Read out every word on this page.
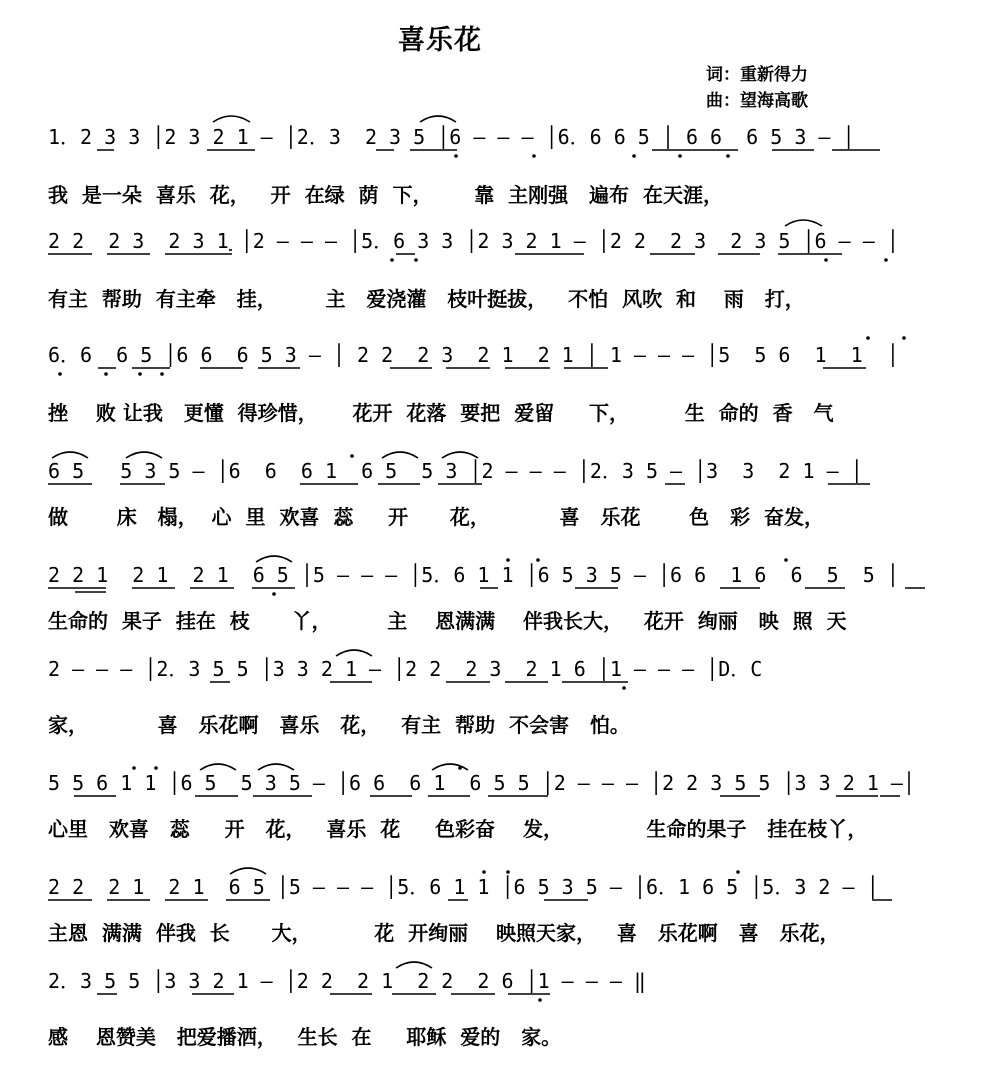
喜乐花
词：重新得力
曲：望海高歌
1．2 3 3 │2 3 2 1 — │2．3  2 3 5 │6 — — — │6．6 6 5 │ 6 6  6 5 3 — │
我  是一朵  喜乐  花，   开  在绿  荫  下，      靠  主刚强   遍布  在天涯，
2 2  2 3  2 3 1 │2 — — — │5．6 3 3 │2 3 2 1 — │2 2  2 3  2 3 5 │6 — — │
有主  帮助  有主牵   挂，       主   爱浇灌   枝叶挺拔，   不怕  风吹  和    雨   打，
6．6  6 5 │6 6  6 5 3 — │ 2 2  2 3  2 1  2 1 │ 1 — — — │5  5 6  1  1  │
挫    败 让我   更懂  得珍惜，     花开  花落  要把  爱留     下，        生  命的  香   气
6 5   5 3 5 — │6  6  6 1  6 5  5 3 │2 — — — │2．3 5 — │3  3  2 1 — │
做       床   榻，  心  里  欢喜  蕊     开      花，          喜   乐花       色   彩  奋发，
2 2 1  2 1  2 1  6 5 │5 — — — │5．6 1 1 │6 5 3 5 — │6 6  1 6  6  5  5 │
生命的  果子  挂在  枝      丫，        主    恩满满    伴我长大，   花开  绚丽   映  照  天
2 — — — │2．3 5 5 │3 3 2 1 — │2 2  2 3  2 1 6 │1 — — — │D．C
家，          喜   乐花啊   喜乐   花，   有主  帮助  不会害   怕。
5 5 6 1 1 │6 5  5 3 5 — │6 6  6 1  6 5 5 │2 — — — │2 2 3 5 5 │3 3 2 1 —│
心里   欢喜   蕊     开   花，   喜乐  花     色彩奋    发，            生命的果子   挂在枝丫，
2 2  2 1  2 1  6 5 │5 — — — │5．6 1 1 │6 5 3 5 — │6．1 6 5 │5．3 2 — │
主恩  满满  伴我  长      大，         花  开绚丽    映照天家，   喜   乐花啊   喜   乐花，
2．3 5 5 │3 3 2 1 — │2 2  2 1  2 2  2 6 │1 — — — ‖
感    恩赞美   把爱播洒，   生长  在     耶稣  爱的   家。
